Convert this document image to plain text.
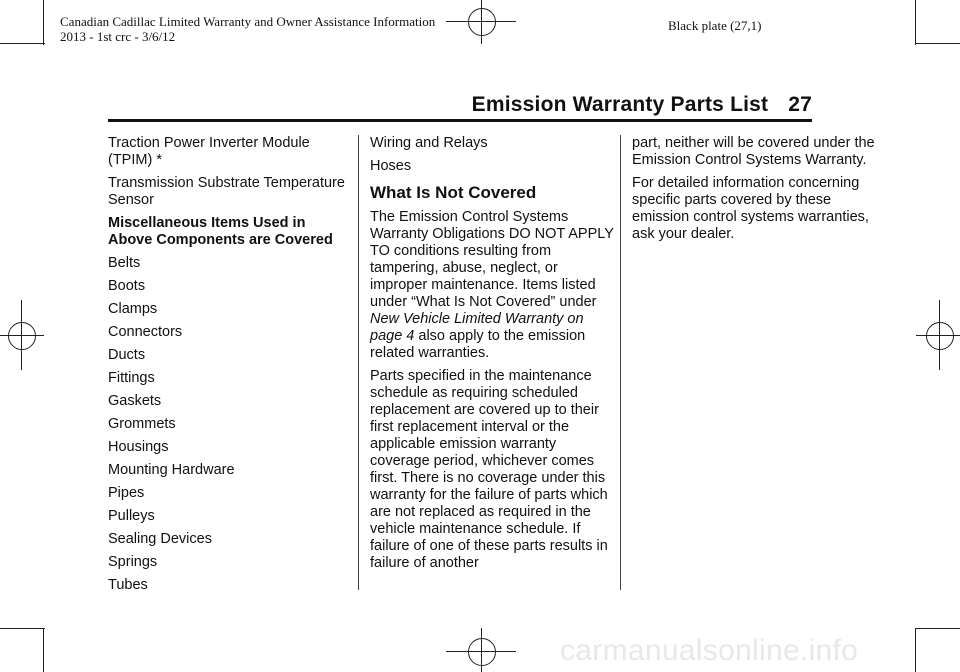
Canadian Cadillac Limited Warranty and Owner Assistance Information
2013 - 1st crc - 3/6/12
Black plate (27,1)
Emission Warranty Parts List 27

Traction Power Inverter Module (TPIM) *

Transmission Substrate Temperature Sensor

Miscellaneous Items Used in Above Components are Covered

Belts

Boots

Clamps

Connectors

Ducts

Fittings

Gaskets

Grommets

Housings

Mounting Hardware

Pipes

Pulleys

Sealing Devices

Springs

Tubes

Wiring and Relays

Hoses

What Is Not Covered

The Emission Control Systems Warranty Obligations DO NOT APPLY TO conditions resulting from tampering, abuse, neglect, or improper maintenance. Items listed under “What Is Not Covered” under New Vehicle Limited Warranty on page 4 also apply to the emission related warranties.

Parts specified in the maintenance schedule as requiring scheduled replacement are covered up to their first replacement interval or the applicable emission warranty coverage period, whichever comes first. There is no coverage under this warranty for the failure of parts which are not replaced as required in the vehicle maintenance schedule. If failure of one of these parts results in failure of another

part, neither will be covered under the Emission Control Systems Warranty.

For detailed information concerning specific parts covered by these emission control systems warranties, ask your dealer.

carmanualsonline.info
